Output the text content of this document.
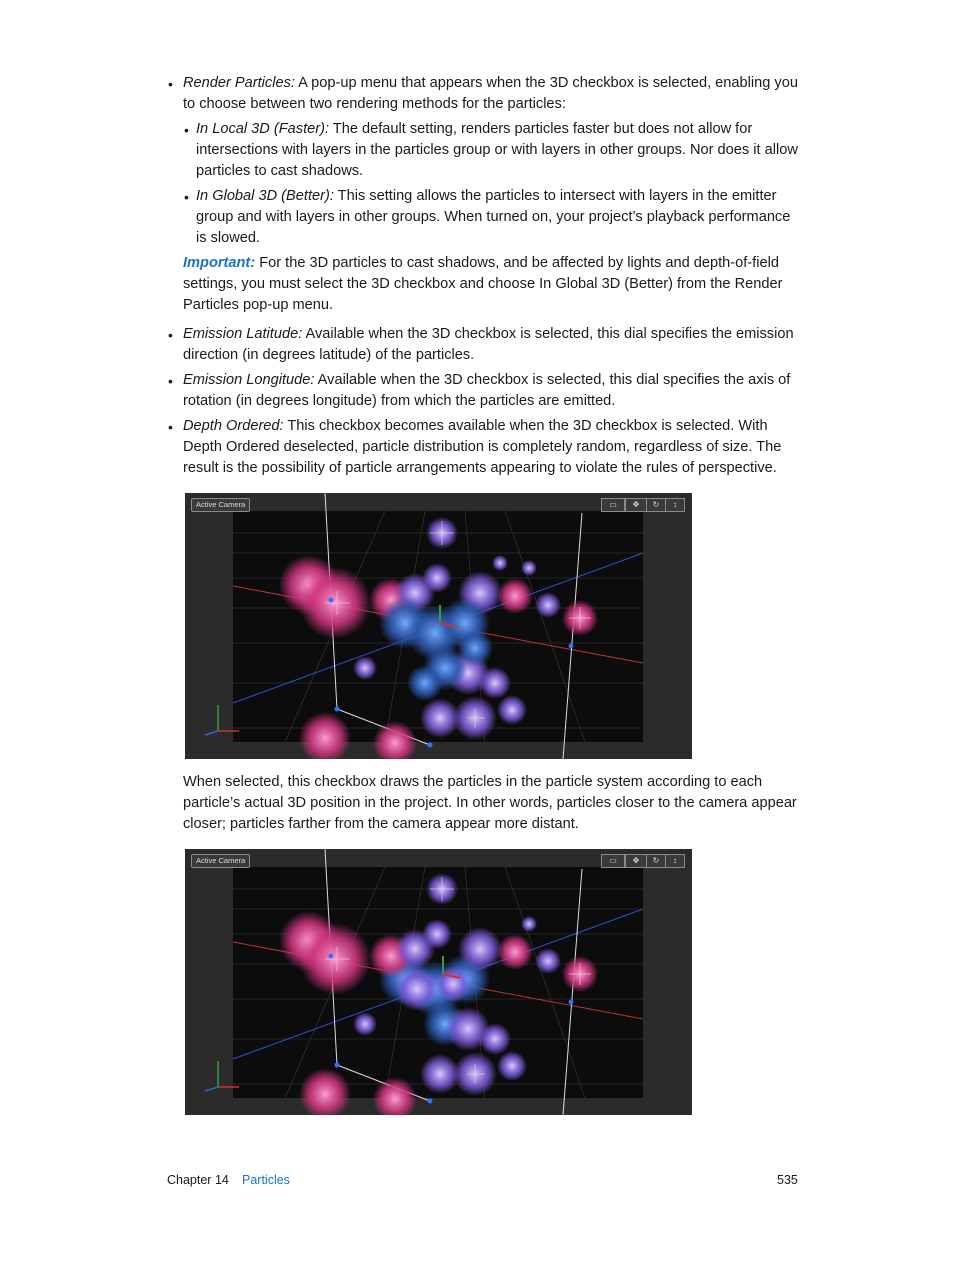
• Render Particles: A pop-up menu that appears when the 3D checkbox is selected, enabling you to choose between two rendering methods for the particles:
• In Local 3D (Faster): The default setting, renders particles faster but does not allow for intersections with layers in the particles group or with layers in other groups. Nor does it allow particles to cast shadows.
• In Global 3D (Better): This setting allows the particles to intersect with layers in the emitter group and with layers in other groups. When turned on, your project’s playback performance is slowed.
Important: For the 3D particles to cast shadows, and be affected by lights and depth-of-field settings, you must select the 3D checkbox and choose In Global 3D (Better) from the Render Particles pop-up menu.
• Emission Latitude: Available when the 3D checkbox is selected, this dial specifies the emission direction (in degrees latitude) of the particles.
• Emission Longitude: Available when the 3D checkbox is selected, this dial specifies the axis of rotation (in degrees longitude) from which the particles are emitted.
• Depth Ordered: This checkbox becomes available when the 3D checkbox is selected. With Depth Ordered deselected, particle distribution is completely random, regardless of size. The result is the possibility of particle arrangements appearing to violate the rules of perspective.
Active Camera	▭	✥	↻	↕
When selected, this checkbox draws the particles in the particle system according to each particle’s actual 3D position in the project. In other words, particles closer to the camera appear closer; particles farther from the camera appear more distant.
Active Camera	▭	✥	↻	↕
Chapter 14 Particles	535
